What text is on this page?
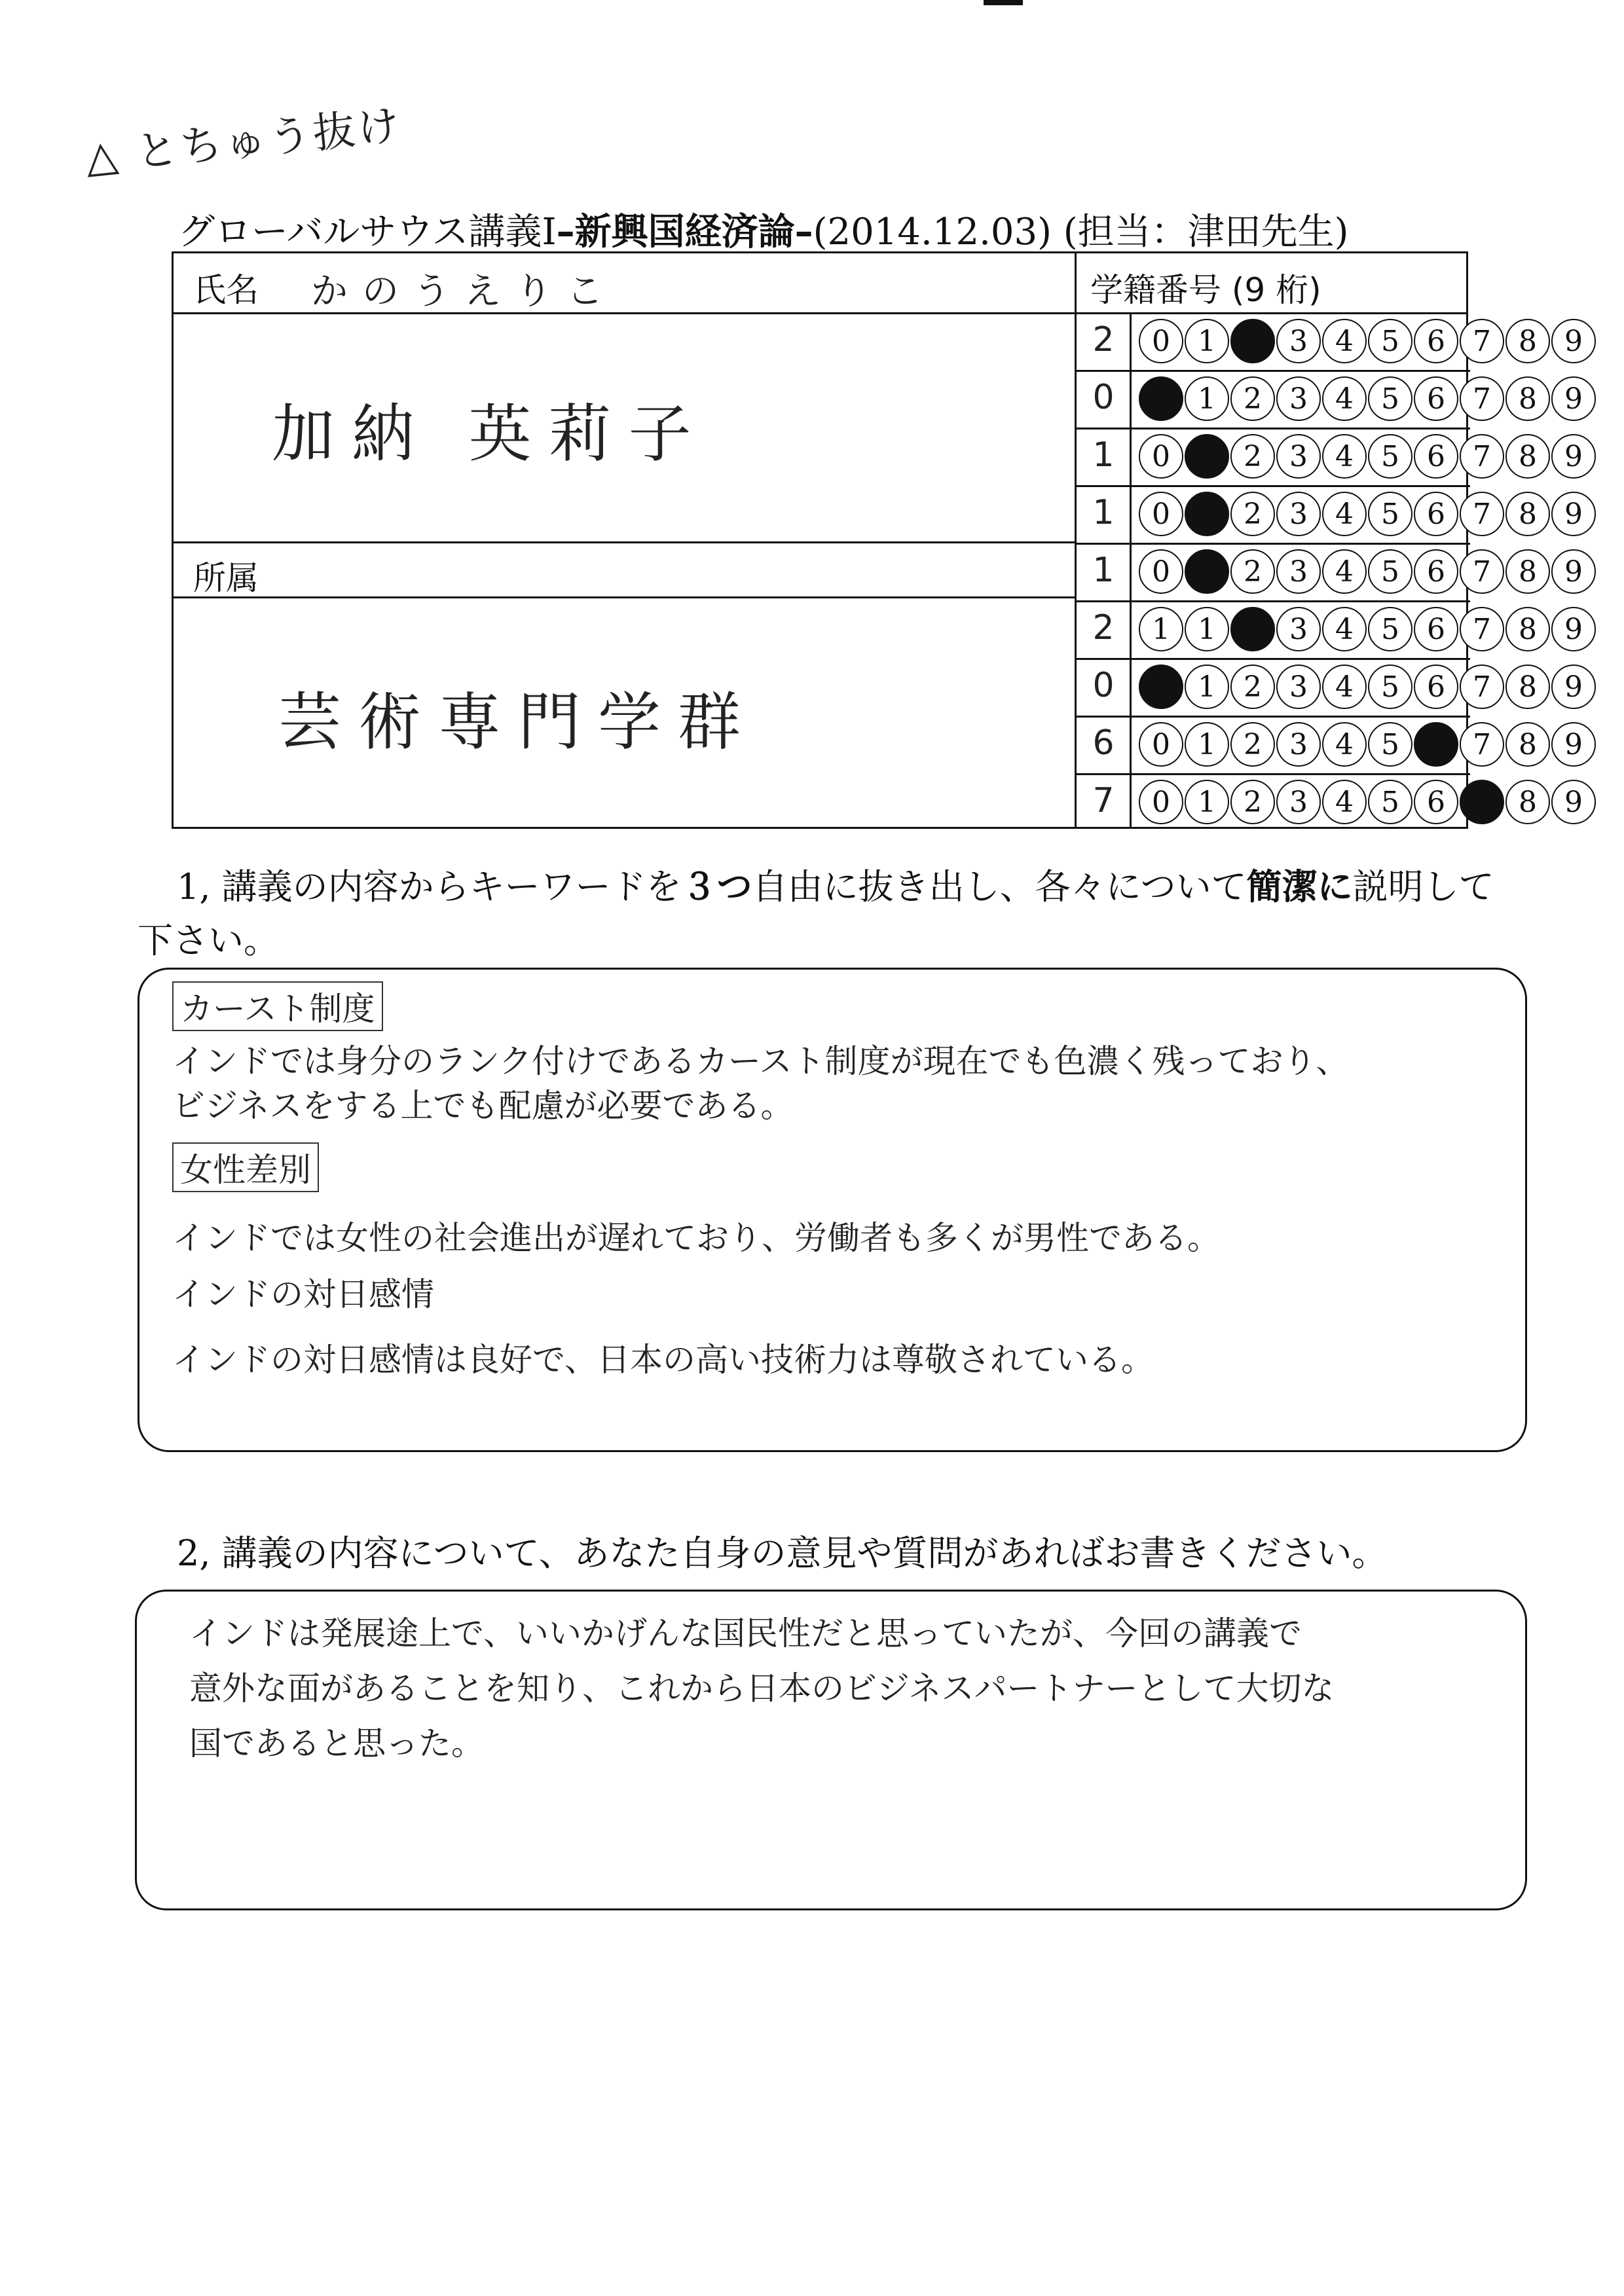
△ とちゅう抜け
グローバルサウス講義Ⅰ–新興国経済論–(2014.12.03) (担当：津田先生)
氏名 かのうえりこ
加納 英莉子
所属
芸術専門学群
学籍番号 (9 桁)
2	0 1 2 3 4 5 6 7 8 9
0	0 1 2 3 4 5 6 7 8 9
1	0 1 2 3 4 5 6 7 8 9
1	0 1 2 3 4 5 6 7 8 9
1	0 1 2 3 4 5 6 7 8 9
2	1 1 2 3 4 5 6 7 8 9
0	0 1 2 3 4 5 6 7 8 9
6	0 1 2 3 4 5 6 7 8 9
7	0 1 2 3 4 5 6 7 8 9
1, 講義の内容からキーワードを３つ自由に抜き出し、各々について簡潔に説明して
下さい。
カースト制度
インドでは身分のランク付けであるカースト制度が現在でも色濃く残っており、
ビジネスをする上でも配慮が必要である。
女性差別
インドでは女性の社会進出が遅れており、労働者も多くが男性である。
インドの対日感情
インドの対日感情は良好で、日本の高い技術力は尊敬されている。
2, 講義の内容について、あなた自身の意見や質問があればお書きください。
インドは発展途上で、いいかげんな国民性だと思っていたが、今回の講義で
意外な面があることを知り、これから日本のビジネスパートナーとして大切な
国であると思った。
